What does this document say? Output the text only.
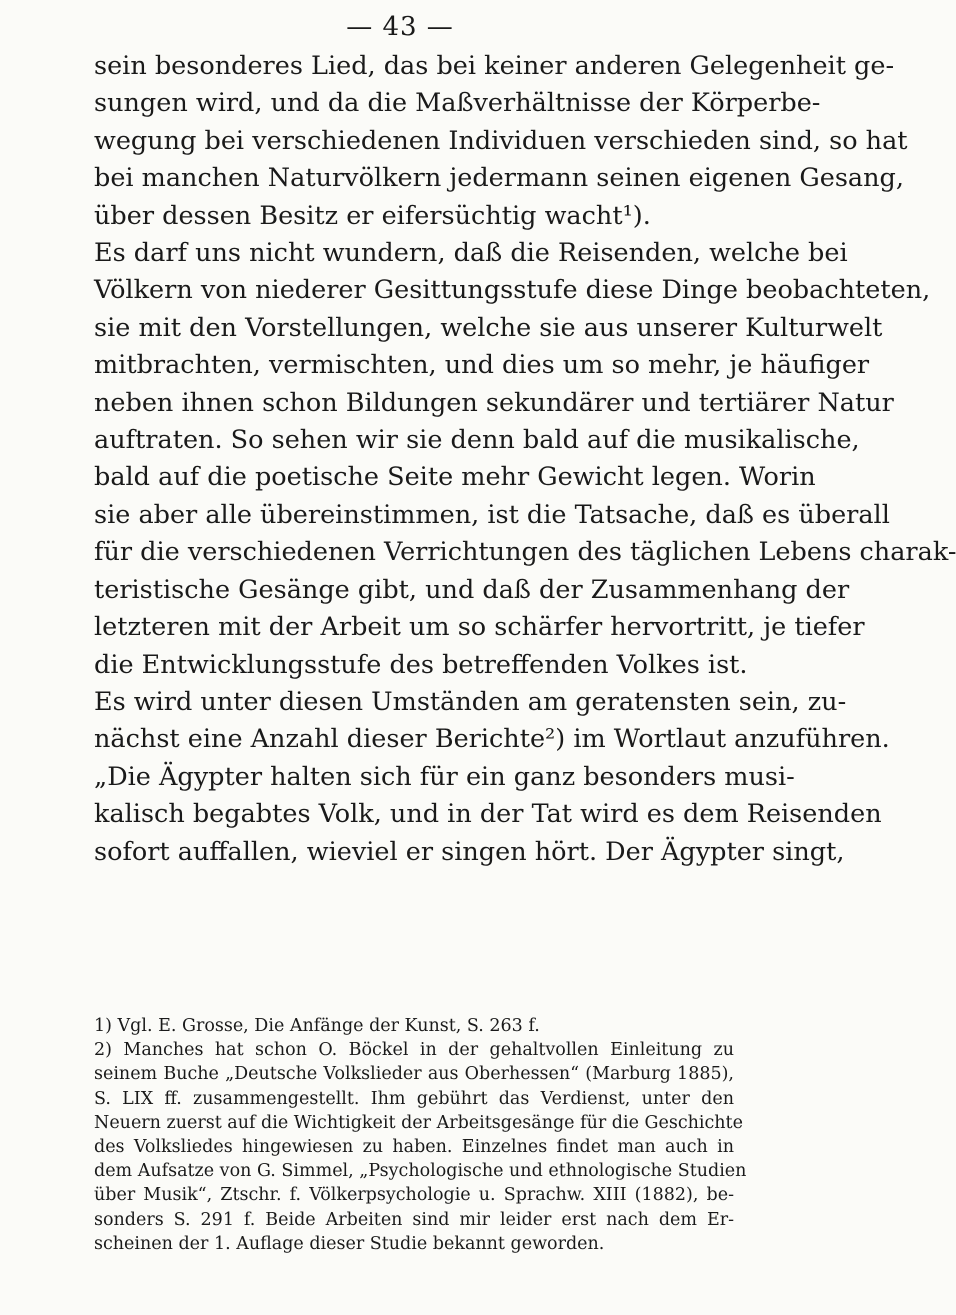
— 43 —
sein besonderes Lied, das bei keiner anderen Gelegenheit ge-
sungen wird, und da die Maßverhältnisse der Körperbe-
wegung bei verschiedenen Individuen verschieden sind, so hat
bei manchen Naturvölkern jedermann seinen eigenen Gesang,
über dessen Besitz er eifersüchtig wacht¹).
Es darf uns nicht wundern, daß die Reisenden, welche bei
Völkern von niederer Gesittungsstufe diese Dinge beobachteten,
sie mit den Vorstellungen, welche sie aus unserer Kulturwelt
mitbrachten, vermischten, und dies um so mehr, je häufiger
neben ihnen schon Bildungen sekundärer und tertiärer Natur
auftraten. So sehen wir sie denn bald auf die musikalische,
bald auf die poetische Seite mehr Gewicht legen. Worin
sie aber alle übereinstimmen, ist die Tatsache, daß es überall
für die verschiedenen Verrichtungen des täglichen Lebens charak-
teristische Gesänge gibt, und daß der Zusammenhang der
letzteren mit der Arbeit um so schärfer hervortritt, je tiefer
die Entwicklungsstufe des betreffenden Volkes ist.
Es wird unter diesen Umständen am geratensten sein, zu-
nächst eine Anzahl dieser Berichte²) im Wortlaut anzuführen.
„Die Ägypter halten sich für ein ganz besonders musi-
kalisch begabtes Volk, und in der Tat wird es dem Reisenden
sofort auffallen, wieviel er singen hört. Der Ägypter singt,
1) Vgl. E. Grosse, Die Anfänge der Kunst, S. 263 f.
2) Manches hat schon O. Böckel in der gehaltvollen Einleitung zu
seinem Buche „Deutsche Volkslieder aus Oberhessen“ (Marburg 1885),
S. LIX ff. zusammengestellt. Ihm gebührt das Verdienst, unter den
Neuern zuerst auf die Wichtigkeit der Arbeitsgesänge für die Geschichte
des Volksliedes hingewiesen zu haben. Einzelnes findet man auch in
dem Aufsatze von G. Simmel, „Psychologische und ethnologische Studien
über Musik“, Ztschr. f. Völkerpsychologie u. Sprachw. XIII (1882), be-
sonders S. 291 f. Beide Arbeiten sind mir leider erst nach dem Er-
scheinen der 1. Auflage dieser Studie bekannt geworden.
